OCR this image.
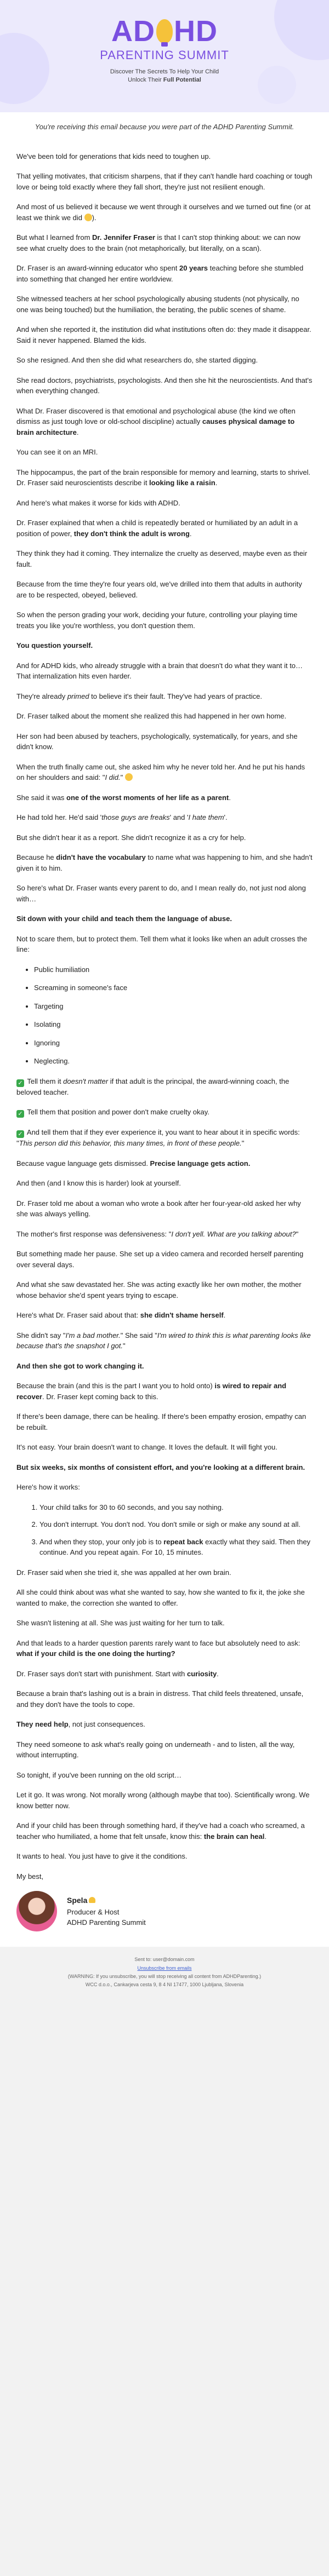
AD HD
PARENTING SUMMIT
Discover The Secrets To Help Your Child
Unlock Their Full Potential
You're receiving this email because you were part of the ADHD Parenting Summit.

We've been told for generations that kids need to toughen up.

That yelling motivates, that criticism sharpens, that if they can't handle hard coaching or tough love or being told exactly where they fall short, they're just not resilient enough.

And most of us believed it because we went through it ourselves and we turned out fine (or at least we think we did ).

But what I learned from Dr. Jennifer Fraser is that I can't stop thinking about: we can now see what cruelty does to the brain (not metaphorically, but literally, on a scan).

Dr. Fraser is an award-winning educator who spent 20 years teaching before she stumbled into something that changed her entire worldview.

She witnessed teachers at her school psychologically abusing students (not physically, no one was being touched) but the humiliation, the berating, the public scenes of shame.

And when she reported it, the institution did what institutions often do: they made it disappear. Said it never happened. Blamed the kids.

So she resigned. And then she did what researchers do, she started digging.

She read doctors, psychiatrists, psychologists. And then she hit the neuroscientists. And that's when everything changed.

What Dr. Fraser discovered is that emotional and psychological abuse (the kind we often dismiss as just tough love or old-school discipline) actually causes physical damage to brain architecture.

You can see it on an MRI.

The hippocampus, the part of the brain responsible for memory and learning, starts to shrivel. Dr. Fraser said neuroscientists describe it looking like a raisin.

And here's what makes it worse for kids with ADHD.

Dr. Fraser explained that when a child is repeatedly berated or humiliated by an adult in a position of power, they don't think the adult is wrong.

They think they had it coming. They internalize the cruelty as deserved, maybe even as their fault.

Because from the time they're four years old, we've drilled into them that adults in authority are to be respected, obeyed, believed.

So when the person grading your work, deciding your future, controlling your playing time treats you like you're worthless, you don't question them.

You question yourself.

And for ADHD kids, who already struggle with a brain that doesn't do what they want it to… That internalization hits even harder.

They're already primed to believe it's their fault. They've had years of practice.

Dr. Fraser talked about the moment she realized this had happened in her own home.

Her son had been abused by teachers, psychologically, systematically, for years, and she didn't know.

When the truth finally came out, she asked him why he never told her. And he put his hands on her shoulders and said: "I did."

She said it was one of the worst moments of her life as a parent.

He had told her. He'd said 'those guys are freaks' and 'I hate them'.

But she didn't hear it as a report. She didn't recognize it as a cry for help.

Because he didn't have the vocabulary to name what was happening to him, and she hadn't given it to him.

So here's what Dr. Fraser wants every parent to do, and I mean really do, not just nod along with…

Sit down with your child and teach them the language of abuse.

Not to scare them, but to protect them. Tell them what it looks like when an adult crosses the line:

• Public humiliation
• Screaming in someone's face
• Targeting
• Isolating
• Ignoring
• Neglecting.

✓ Tell them it doesn't matter if that adult is the principal, the award-winning coach, the beloved teacher.

✓ Tell them that position and power don't make cruelty okay.

✓ And tell them that if they ever experience it, you want to hear about it in specific words: "This person did this behavior, this many times, in front of these people."

Because vague language gets dismissed. Precise language gets action.

And then (and I know this is harder) look at yourself.

Dr. Fraser told me about a woman who wrote a book after her four-year-old asked her why she was always yelling.

The mother's first response was defensiveness: "I don't yell. What are you talking about?"

But something made her pause. She set up a video camera and recorded herself parenting over several days.

And what she saw devastated her. She was acting exactly like her own mother, the mother whose behavior she'd spent years trying to escape.

Here's what Dr. Fraser said about that: she didn't shame herself.

She didn't say "I'm a bad mother." She said "I'm wired to think this is what parenting looks like because that's the snapshot I got."

And then she got to work changing it.

Because the brain (and this is the part I want you to hold onto) is wired to repair and recover. Dr. Fraser kept coming back to this.

If there's been damage, there can be healing. If there's been empathy erosion, empathy can be rebuilt.

It's not easy. Your brain doesn't want to change. It loves the default. It will fight you.

But six weeks, six months of consistent effort, and you're looking at a different brain.

Here's how it works:

1. Your child talks for 30 to 60 seconds, and you say nothing.
2. You don't interrupt. You don't nod. You don't smile or sigh or make any sound at all.
3. And when they stop, your only job is to repeat back exactly what they said. Then they continue. And you repeat again. For 10, 15 minutes.

Dr. Fraser said when she tried it, she was appalled at her own brain.

All she could think about was what she wanted to say, how she wanted to fix it, the joke she wanted to make, the correction she wanted to offer.

She wasn't listening at all. She was just waiting for her turn to talk.

And that leads to a harder question parents rarely want to face but absolutely need to ask: what if your child is the one doing the hurting?

Dr. Fraser says don't start with punishment. Start with curiosity.

Because a brain that's lashing out is a brain in distress. That child feels threatened, unsafe, and they don't have the tools to cope.

They need help, not just consequences.

They need someone to ask what's really going on underneath - and to listen, all the way, without interrupting.

So tonight, if you've been running on the old script…

Let it go. It was wrong. Not morally wrong (although maybe that too). Scientifically wrong. We know better now.

And if your child has been through something hard, if they've had a coach who screamed, a teacher who humiliated, a home that felt unsafe, know this: the brain can heal.

It wants to heal. You just have to give it the conditions.

My best,

Spela
Producer & Host
ADHD Parenting Summit
Sent to: user@domain.com
Unsubscribe from emails
(WARNING: If you unsubscribe, you will stop receiving all content from ADHDParenting.)
WCC d.o.o., Cankarjeva cesta 9, 8 4 NI 17477, 1000 Ljubljana, Slovenia
